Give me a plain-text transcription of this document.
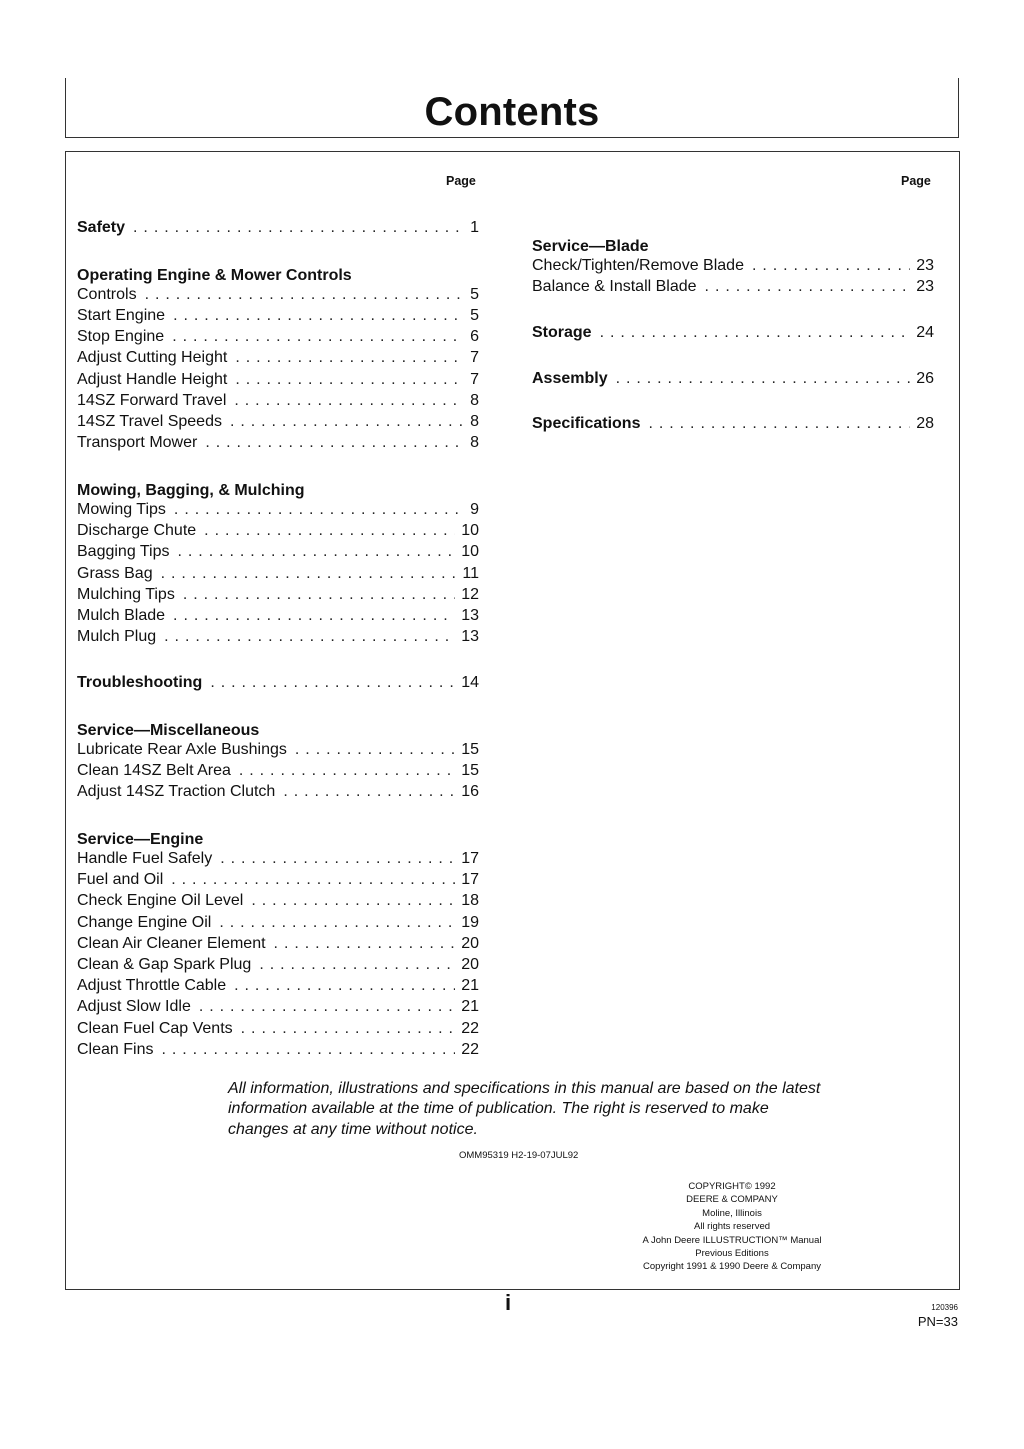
Contents
Page	Page
Safety . . .	1
Operating Engine & Mower Controls
Controls . . .	5
Start Engine . . .	5
Stop Engine . . .	6
Adjust Cutting Height . . .	7
Adjust Handle Height . . .	7
14SZ Forward Travel . . .	8
14SZ Travel Speeds . . .	8
Transport Mower . . .	8
Mowing, Bagging, & Mulching
Mowing Tips . . .	9
Discharge Chute . . .	10
Bagging Tips . . .	10
Grass Bag . . .	11
Mulching Tips . . .	12
Mulch Blade . . .	13
Mulch Plug . . .	13
Troubleshooting . . .	14
Service—Miscellaneous
Lubricate Rear Axle Bushings . . .	15
Clean 14SZ Belt Area . . .	15
Adjust 14SZ Traction Clutch . . .	16
Service—Engine
Handle Fuel Safely . . .	17
Fuel and Oil . . .	17
Check Engine Oil Level . . .	18
Change Engine Oil . . .	19
Clean Air Cleaner Element . . .	20
Clean & Gap Spark Plug . . .	20
Adjust Throttle Cable . . .	21
Adjust Slow Idle . . .	21
Clean Fuel Cap Vents . . .	22
Clean Fins . . .	22
Service—Blade
Check/Tighten/Remove Blade . . .	23
Balance & Install Blade . . .	23
Storage . . .	24
Assembly . . .	26
Specifications . . .	28
All information, illustrations and specifications in this manual are based on the latest information available at the time of publication. The right is reserved to make changes at any time without notice.
OMM95319 H2-19-07JUL92
COPYRIGHT© 1992
DEERE & COMPANY
Moline, Illinois
All rights reserved
A John Deere ILLUSTRUCTION™ Manual
Previous Editions
Copyright 1991 & 1990 Deere & Company
i	120396
PN=33
